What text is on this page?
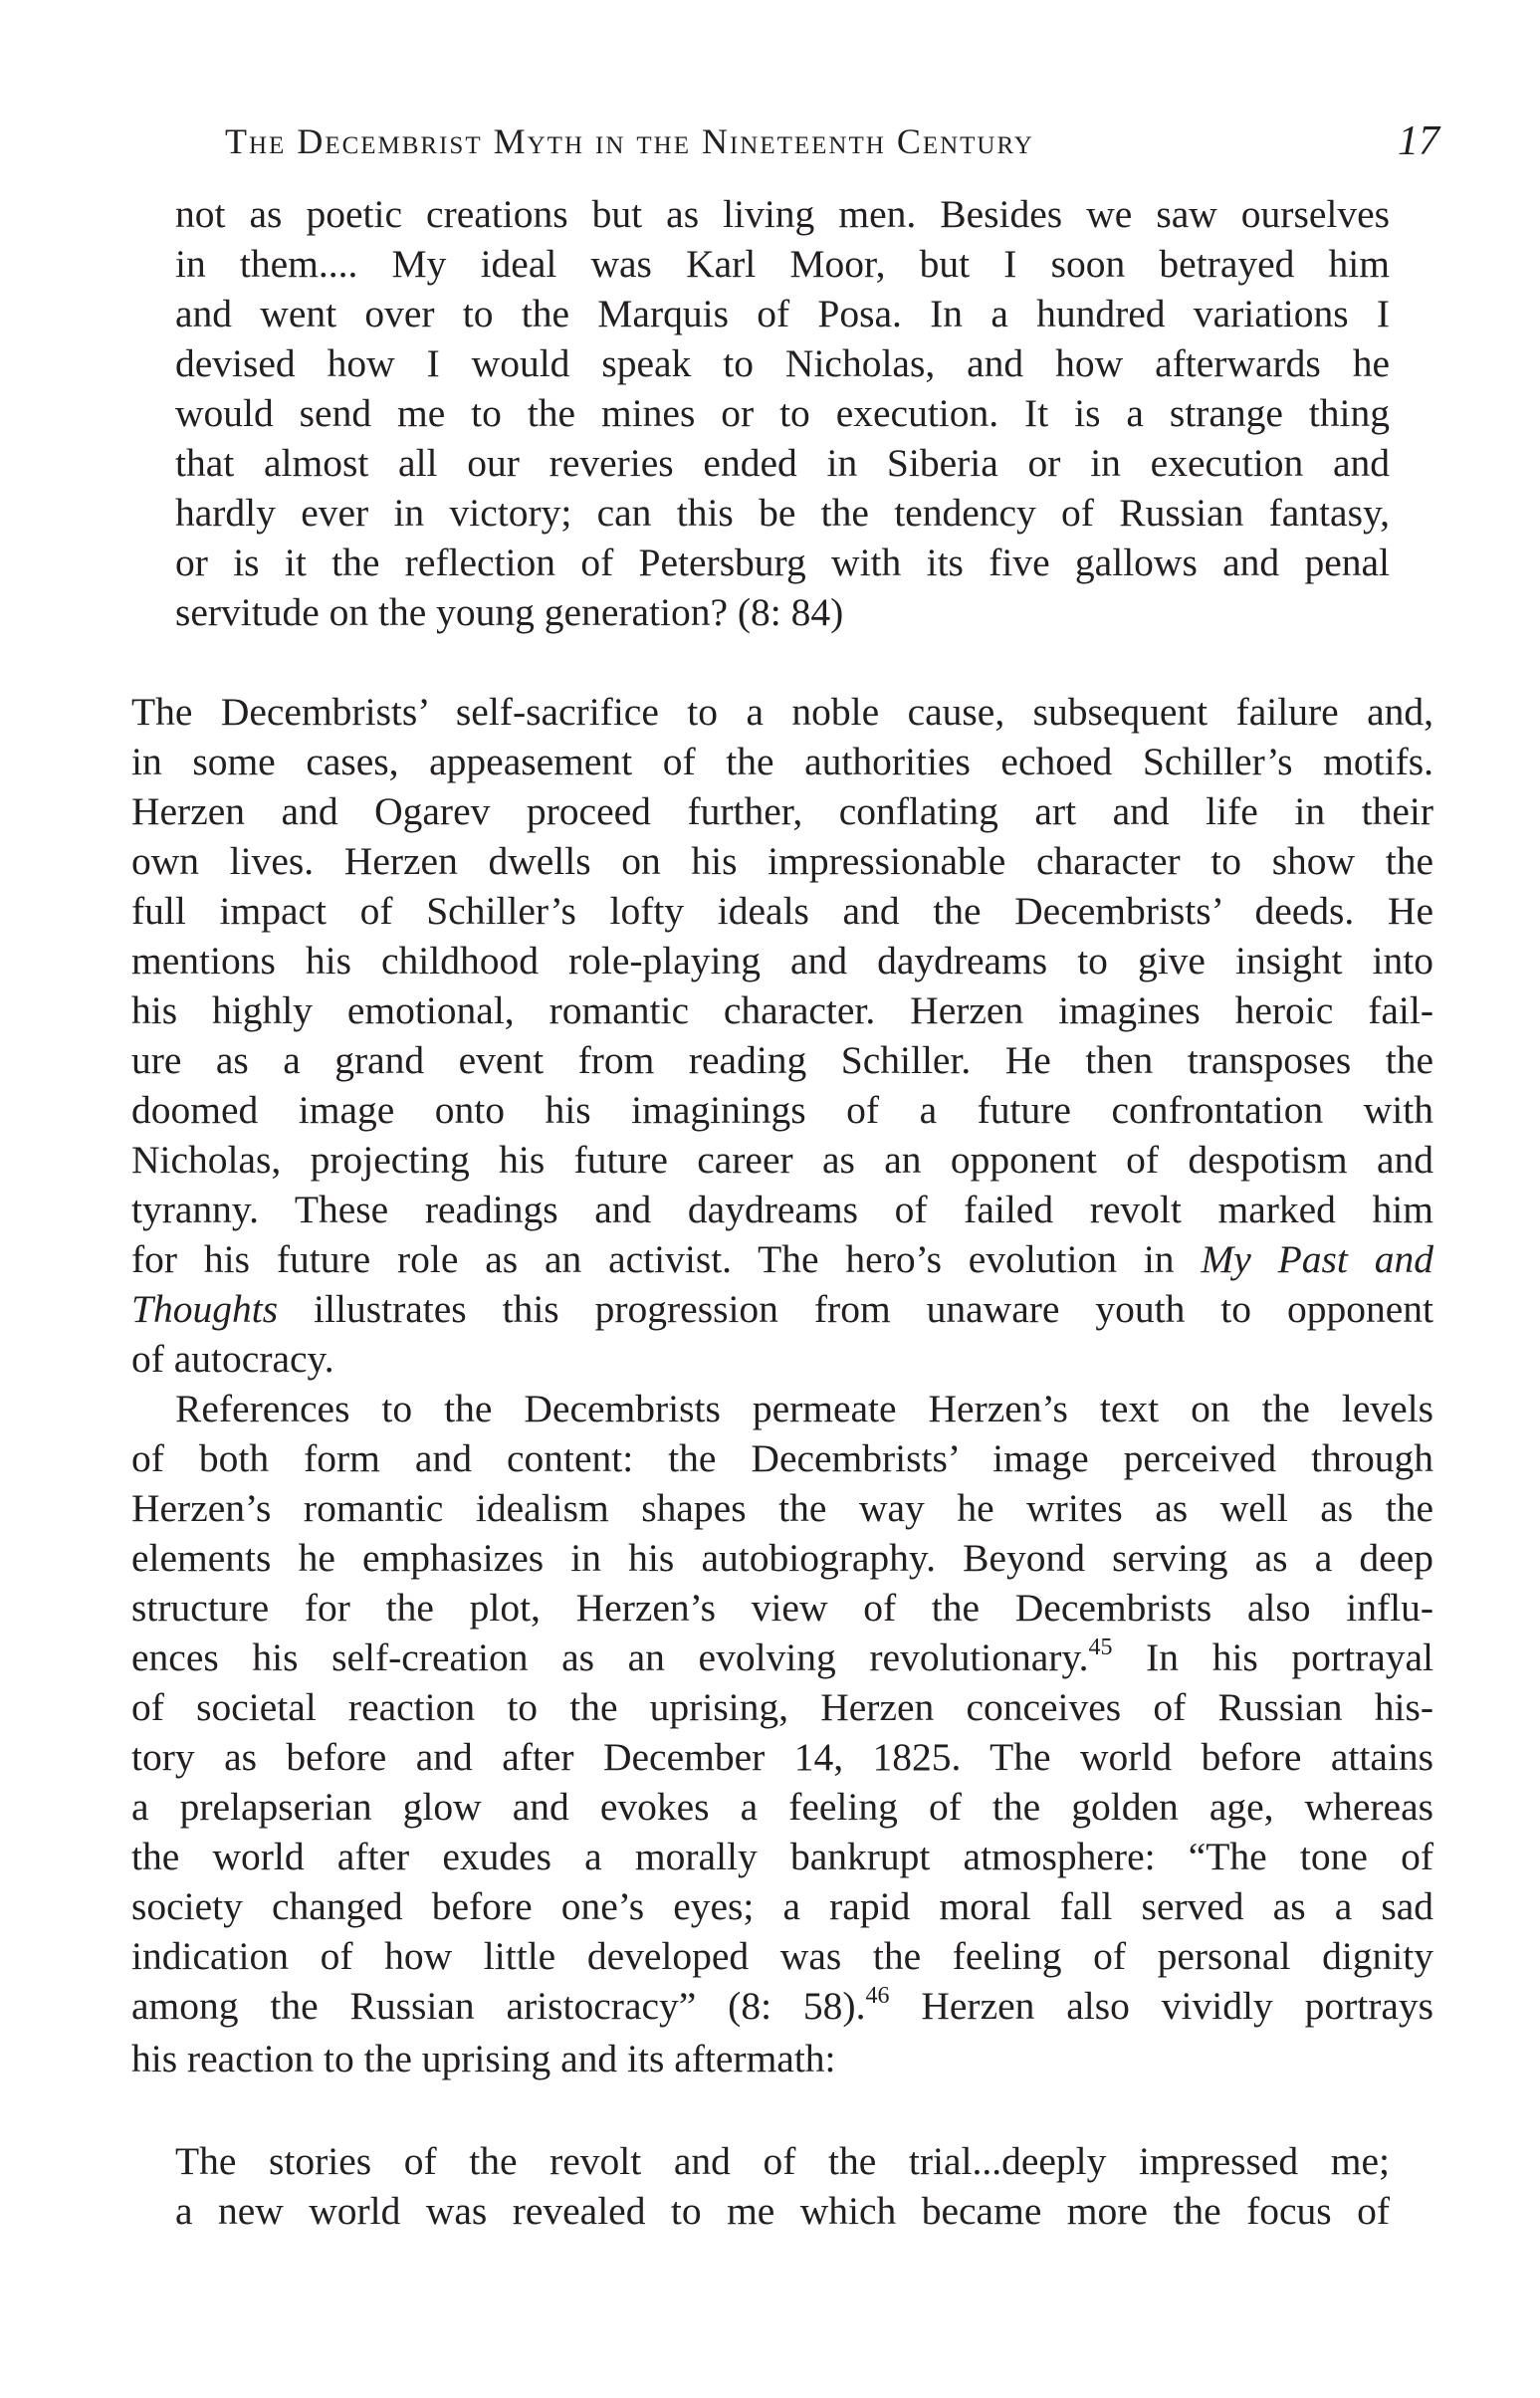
The Decembrist Myth in the Nineteenth Century	17
not as poetic creations but as living men. Besides we saw ourselves
in them.... My ideal was Karl Moor, but I soon betrayed him
and went over to the Marquis of Posa. In a hundred variations I
devised how I would speak to Nicholas, and how afterwards he
would send me to the mines or to execution. It is a strange thing
that almost all our reveries ended in Siberia or in execution and
hardly ever in victory; can this be the tendency of Russian fantasy,
or is it the reflection of Petersburg with its five gallows and penal
servitude on the young generation? (8: 84)
The Decembrists’ self-sacrifice to a noble cause, subsequent failure and,
in some cases, appeasement of the authorities echoed Schiller’s motifs.
Herzen and Ogarev proceed further, conflating art and life in their
own lives. Herzen dwells on his impressionable character to show the
full impact of Schiller’s lofty ideals and the Decembrists’ deeds. He
mentions his childhood role-playing and daydreams to give insight into
his highly emotional, romantic character. Herzen imagines heroic fail-
ure as a grand event from reading Schiller. He then transposes the
doomed image onto his imaginings of a future confrontation with
Nicholas, projecting his future career as an opponent of despotism and
tyranny. These readings and daydreams of failed revolt marked him
for his future role as an activist. The hero’s evolution in My Past and
Thoughts illustrates this progression from unaware youth to opponent
of autocracy.
References to the Decembrists permeate Herzen’s text on the levels
of both form and content: the Decembrists’ image perceived through
Herzen’s romantic idealism shapes the way he writes as well as the
elements he emphasizes in his autobiography. Beyond serving as a deep
structure for the plot, Herzen’s view of the Decembrists also influ-
ences his self-creation as an evolving revolutionary.$^{45}$ In his portrayal
of societal reaction to the uprising, Herzen conceives of Russian his-
tory as before and after December 14, 1825. The world before attains
a prelapserian glow and evokes a feeling of the golden age, whereas
the world after exudes a morally bankrupt atmosphere: “The tone of
society changed before one’s eyes; a rapid moral fall served as a sad
indication of how little developed was the feeling of personal dignity
among the Russian aristocracy” (8: 58).$^{46}$ Herzen also vividly portrays
his reaction to the uprising and its aftermath:
The stories of the revolt and of the trial...deeply impressed me;
a new world was revealed to me which became more the focus of
